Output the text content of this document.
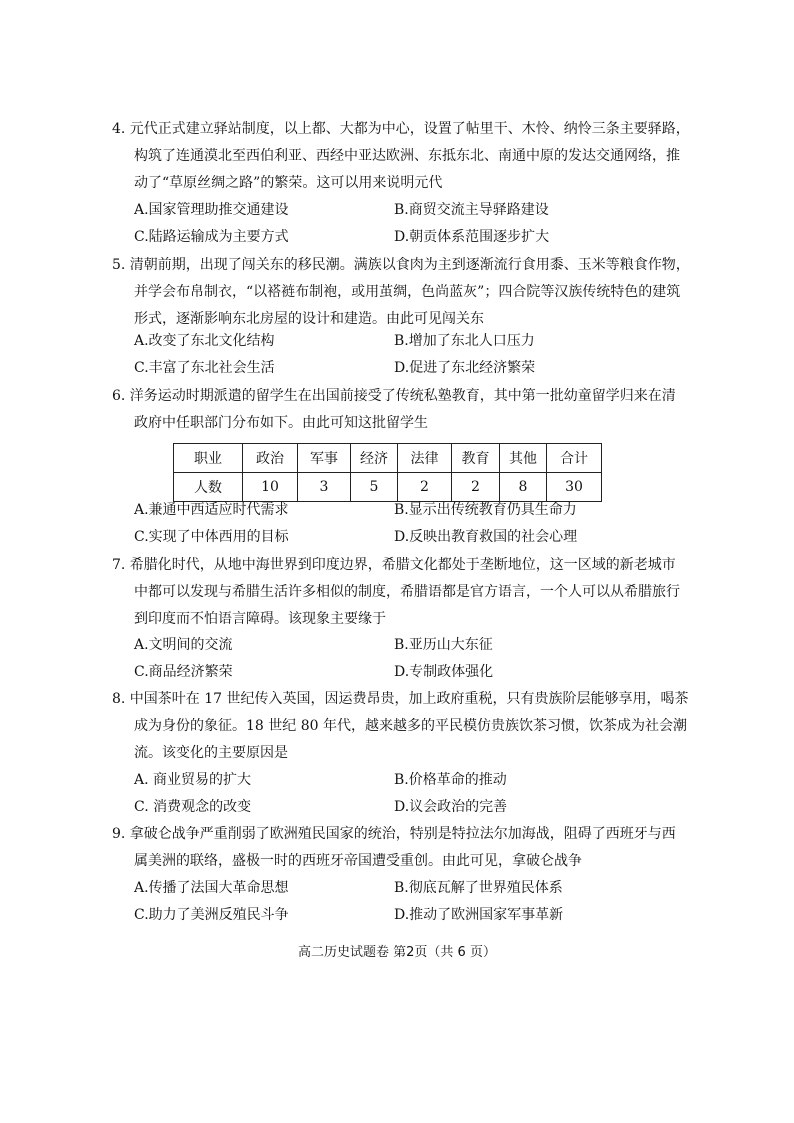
4. 元代正式建立驿站制度，以上都、大都为中心，设置了帖里干、木怜、纳怜三条主要驿路，
构筑了连通漠北至西伯利亚、西经中亚达欧洲、东抵东北、南通中原的发达交通网络，推
动了“草原丝绸之路”的繁荣。这可以用来说明元代
A.国家管理助推交通建设	B.商贸交流主导驿路建设
C.陆路运输成为主要方式	D.朝贡体系范围逐步扩大
5. 清朝前期，出现了闯关东的移民潮。满族以食肉为主到逐渐流行食用黍、玉米等粮食作物，
并学会布帛制衣，“以褡裢布制袍，或用茧绸，色尚蓝灰”；四合院等汉族传统特色的建筑
形式，逐渐影响东北房屋的设计和建造。由此可见闯关东
A.改变了东北文化结构	B.增加了东北人口压力
C.丰富了东北社会生活	D.促进了东北经济繁荣
6. 洋务运动时期派遣的留学生在出国前接受了传统私塾教育，其中第一批幼童留学归来在清
政府中任职部门分布如下。由此可知这批留学生
职业	政治	军事	经济	法律	教育	其他	合计
人数	10	3	5	2	2	8	30
A.兼通中西适应时代需求	B.显示出传统教育仍具生命力
C.实现了中体西用的目标	D.反映出教育救国的社会心理
7. 希腊化时代，从地中海世界到印度边界，希腊文化都处于垄断地位，这一区域的新老城市
中都可以发现与希腊生活许多相似的制度，希腊语都是官方语言，一个人可以从希腊旅行
到印度而不怕语言障碍。该现象主要缘于
A.文明间的交流	B.亚历山大东征
C.商品经济繁荣	D.专制政体强化
8. 中国茶叶在 17 世纪传入英国，因运费昂贵，加上政府重税，只有贵族阶层能够享用，喝茶
成为身份的象征。18 世纪 80 年代，越来越多的平民模仿贵族饮茶习惯，饮茶成为社会潮
流。该变化的主要原因是
A. 商业贸易的扩大	B.价格革命的推动
C. 消费观念的改变	D.议会政治的完善
9. 拿破仑战争严重削弱了欧洲殖民国家的统治，特别是特拉法尔加海战，阻碍了西班牙与西
属美洲的联络，盛极一时的西班牙帝国遭受重创。由此可见，拿破仑战争
A.传播了法国大革命思想	B.彻底瓦解了世界殖民体系
C.助力了美洲反殖民斗争	D.推动了欧洲国家军事革新
高二历史试题卷 第2页（共 6 页）
